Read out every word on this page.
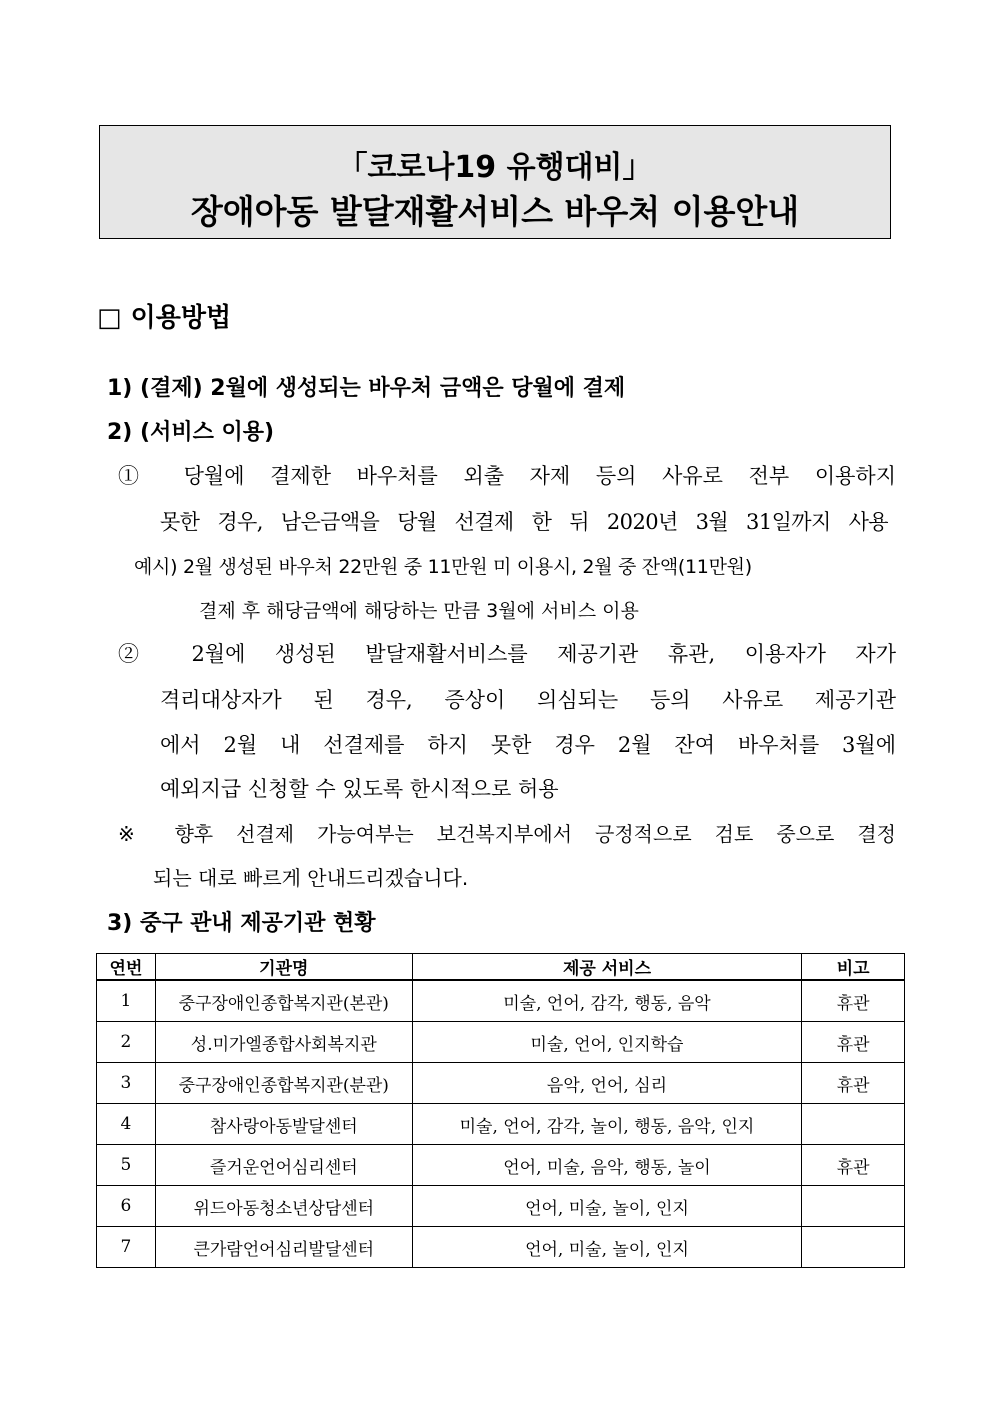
「코로나19 유행대비」
장애아동 발달재활서비스 바우처 이용안내
□ 이용방법
1) (결제) 2월에 생성되는 바우처 금액은 당월에 결제
2) (서비스 이용)
① 당월에 결제한 바우처를 외출 자제 등의 사유로 전부 이용하지
못한 경우, 남은금액을 당월 선결제 한 뒤 2020년 3월 31일까지 사용
예시) 2월 생성된 바우처 22만원 중 11만원 미 이용시, 2월 중 잔액(11만원)
결제 후 해당금액에 해당하는 만큼 3월에 서비스 이용
② 2월에 생성된 발달재활서비스를 제공기관 휴관, 이용자가 자가
격리대상자가 된 경우, 증상이 의심되는 등의 사유로 제공기관
에서 2월 내 선결제를 하지 못한 경우 2월 잔여 바우처를 3월에
예외지급 신청할 수 있도록 한시적으로 허용
※ 향후 선결제 가능여부는 보건복지부에서 긍정적으로 검토 중으로 결정
되는 대로 빠르게 안내드리겠습니다.
3) 중구 관내 제공기관 현황
연번	기관명	제공 서비스	비고
1	중구장애인종합복지관(본관)	미술, 언어, 감각, 행동, 음악	휴관
2	성.미가엘종합사회복지관	미술, 언어, 인지학습	휴관
3	중구장애인종합복지관(분관)	음악, 언어, 심리	휴관
4	참사랑아동발달센터	미술, 언어, 감각, 놀이, 행동, 음악, 인지	
5	즐거운언어심리센터	언어, 미술, 음악, 행동, 놀이	휴관
6	위드아동청소년상담센터	언어, 미술, 놀이, 인지	
7	큰가람언어심리발달센터	언어, 미술, 놀이, 인지	
